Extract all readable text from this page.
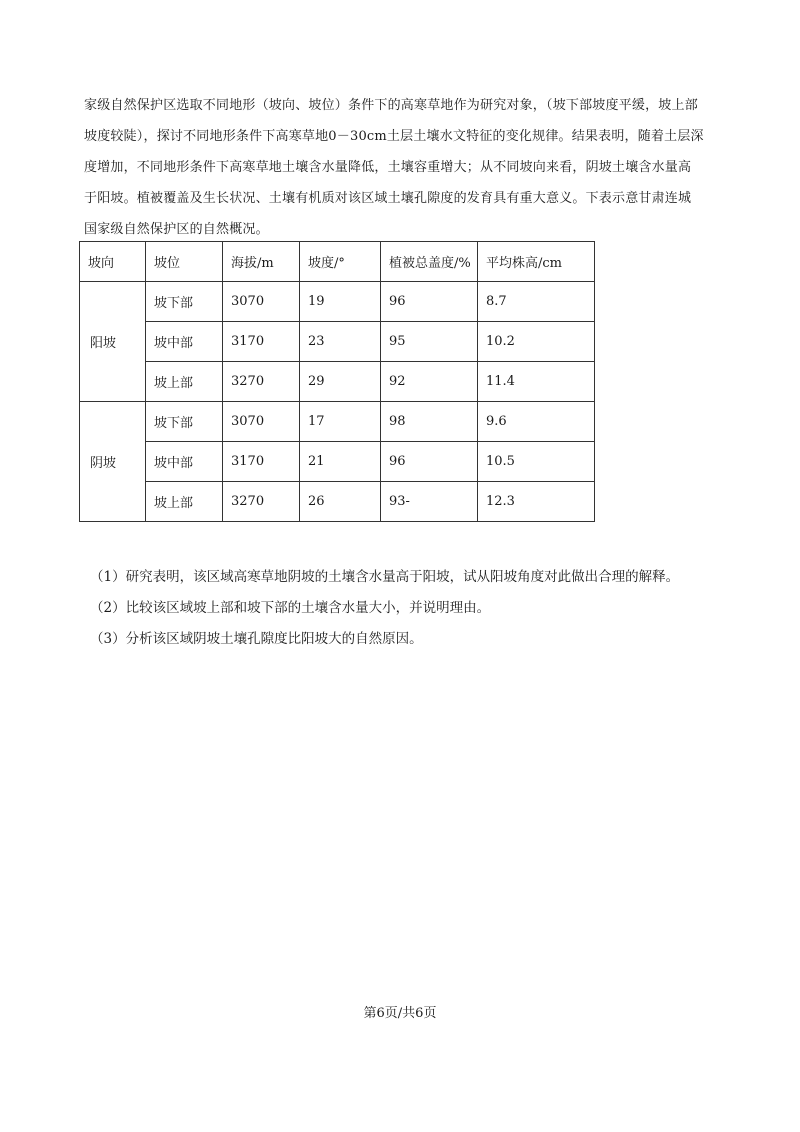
家级自然保护区选取不同地形（坡向、坡位）条件下的高寒草地作为研究对象，（坡下部坡度平缓，坡上部
坡度较陡），探讨不同地形条件下高寒草地0－30cm土层土壤水文特征的变化规律。结果表明，随着土层深
度增加，不同地形条件下高寒草地土壤含水量降低，土壤容重增大；从不同坡向来看，阴坡土壤含水量高
于阳坡。植被覆盖及生长状况、土壤有机质对该区域土壤孔隙度的发育具有重大意义。下表示意甘肃连城
国家级自然保护区的自然概况。
坡向	坡位	海拔/m	坡度/°	植被总盖度/%	平均株高/cm
阳坡	坡下部	3070	19	96	8.7
	坡中部	3170	23	95	10.2
	坡上部	3270	29	92	11.4
阴坡	坡下部	3070	17	98	9.6
	坡中部	3170	21	96	10.5
	坡上部	3270	26	93-	12.3
（1）研究表明，该区域高寒草地阴坡的土壤含水量高于阳坡，试从阳坡角度对此做出合理的解释。
（2）比较该区域坡上部和坡下部的土壤含水量大小，并说明理由。
（3）分析该区域阴坡土壤孔隙度比阳坡大的自然原因。
第6页/共6页
